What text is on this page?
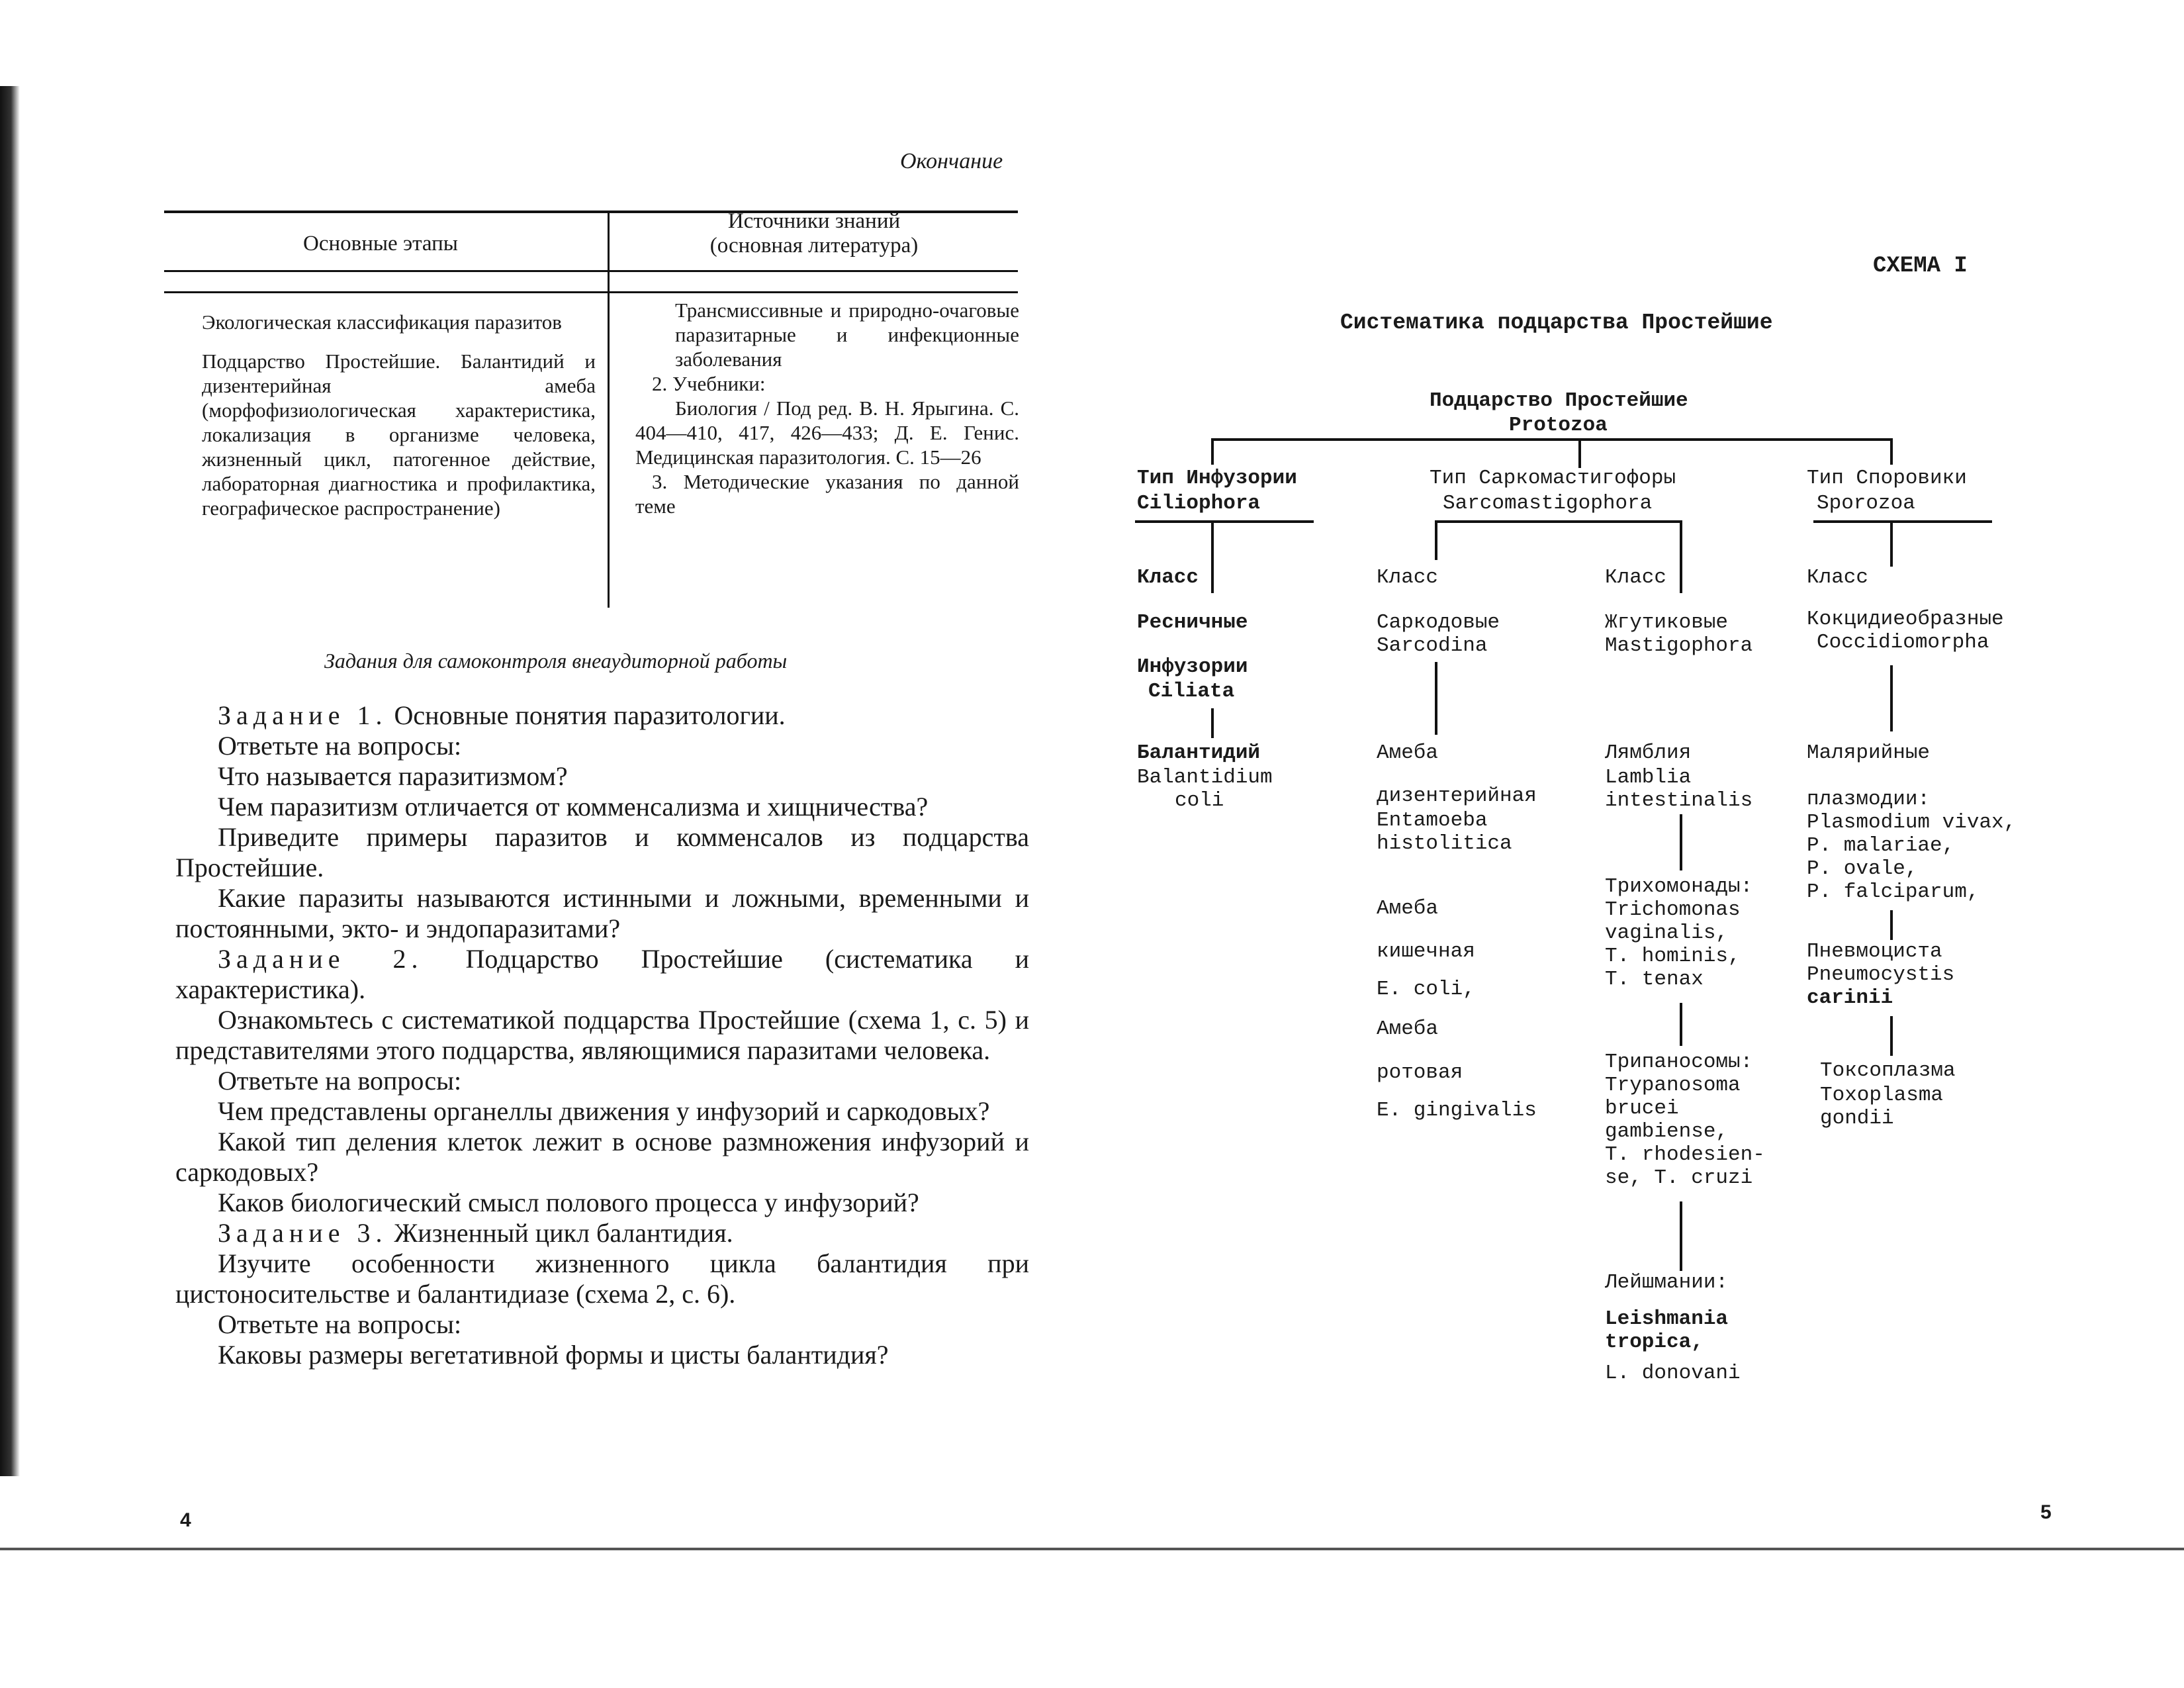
Окончание
Основные этапы
Источники знаний
(основная литература)

Экологическая классификация паразитов

Подцарство Простейшие. Балантидий и дизентерийная амеба (морфофизиологическая характеристика, локализация в организме человека, жизненный цикл, патогенное действие, лабораторная диагностика и профилактика, географическое распространение)

Трансмиссивные и природно-очаговые паразитарные и инфекционные заболевания
2. Учебники:
Биология / Под ред. В. Н. Ярыгина. С. 404—410, 417, 426—433; Д. Е. Генис. Медицинская паразитология. С. 15—26
3. Методические указания по данной теме
Задания для самоконтроля внеаудиторной работы

Задание 1. Основные понятия паразитологии.

Ответьте на вопросы:

Что называется паразитизмом?

Чем паразитизм отличается от комменсализма и хищничества?

Приведите примеры паразитов и комменсалов из подцарства Простейшие.

Какие паразиты называются истинными и ложными, временными и постоянными, экто- и эндопаразитами?

Задание 2. Подцарство Простейшие (систематика и характеристика).

Ознакомьтесь с систематикой подцарства Простейшие (схема 1, с. 5) и представителями этого подцарства, являющимися паразитами человека.

Ответьте на вопросы:

Чем представлены органеллы движения у инфузорий и саркодовых?

Какой тип деления клеток лежит в основе размножения инфузорий и саркодовых?

Каков биологический смысл полового процесса у инфузорий?

Задание 3. Жизненный цикл балантидия.

Изучите особенности жизненного цикла балантидия при цистоносительстве и балантидиазе (схема 2, с. 6).

Ответьте на вопросы:

Каковы размеры вегетативной формы и цисты балантидия?

4
СХЕМА I
Систематика подцарства Простейшие
Подцарство Простейшие
Protozoa
Тип Инфузории
Ciliophora
Класс
Ресничные
Инфузории
Ciliata
Балантидий
Balantidium
coli
Тип Саркомастигофоры
Sarcomastigophora
Класс
Саркодовые
Sarcodina
Амеба
дизентерийная
Entamoeba
histolitica
Амеба
кишечная
E. coli,
Амеба
ротовая
E. gingivalis
Класс
Жгутиковые
Mastigophora
Лямблия
Lamblia
intestinalis
Трихомонады:
Trichomonas
vaginalis,
T. hominis,
T. tenax
Трипаносомы:
Trypanosoma
brucei
gambiense,
T. rhodesien-
se, T. cruzi
Лейшмании:
Leishmania
tropica,
L. donovani
Тип Споровики
Sporozoa
Класс
Кокцидиеобразные
Coccidiomorpha
Малярийные
плазмодии:
Plasmodium vivax,
P. malariae,
P. ovale,
P. falciparum,
Пневмоциста
Pneumocystis
carinii
Токсоплазма
Toxoplasma
gondii
5
